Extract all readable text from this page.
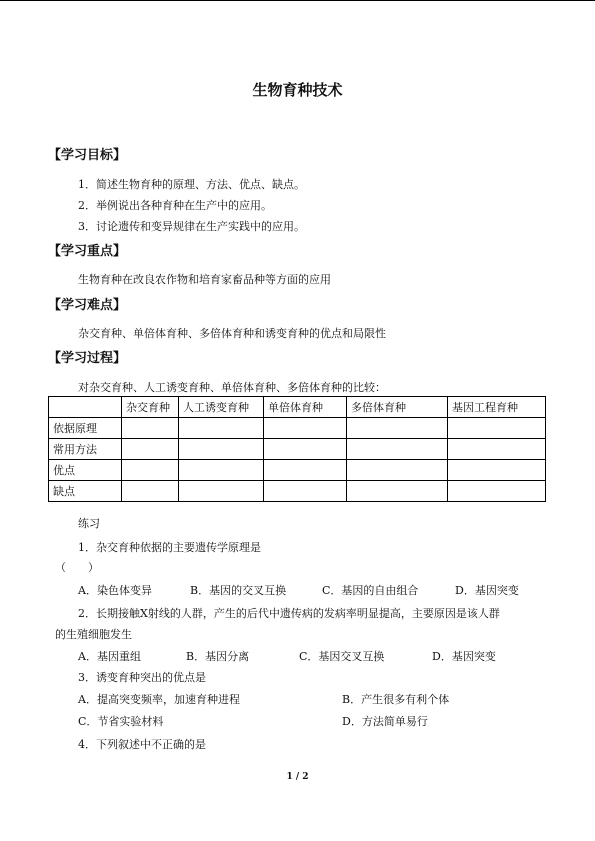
生物育种技术
【学习目标】
1．简述生物育种的原理、方法、优点、缺点。
2．举例说出各种育种在生产中的应用。
3．讨论遗传和变异规律在生产实践中的应用。
【学习重点】
生物育种在改良农作物和培育家畜品种等方面的应用
【学习难点】
杂交育种、单倍体育种、多倍体育种和诱变育种的优点和局限性
【学习过程】
对杂交育种、人工诱变育种、单倍体育种、多倍体育种的比较：
	杂交育种	人工诱变育种	单倍体育种	多倍体育种	基因工程育种
依据原理					
常用方法					
优点					
缺点					
练习
1．杂交育种依据的主要遗传学原理是
（　　）
A．染色体变异	B．基因的交叉互换	C．基因的自由组合	D．基因突变
2．长期接触X射线的人群，产生的后代中遗传病的发病率明显提高，主要原因是该人群
的生殖细胞发生
A．基因重组	B．基因分离	C．基因交叉互换	D．基因突变
3．诱变育种突出的优点是
A．提高突变频率，加速育种进程	B．产生很多有利个体
C．节省实验材料	D．方法简单易行
4．下列叙述中不正确的是
1 / 2
